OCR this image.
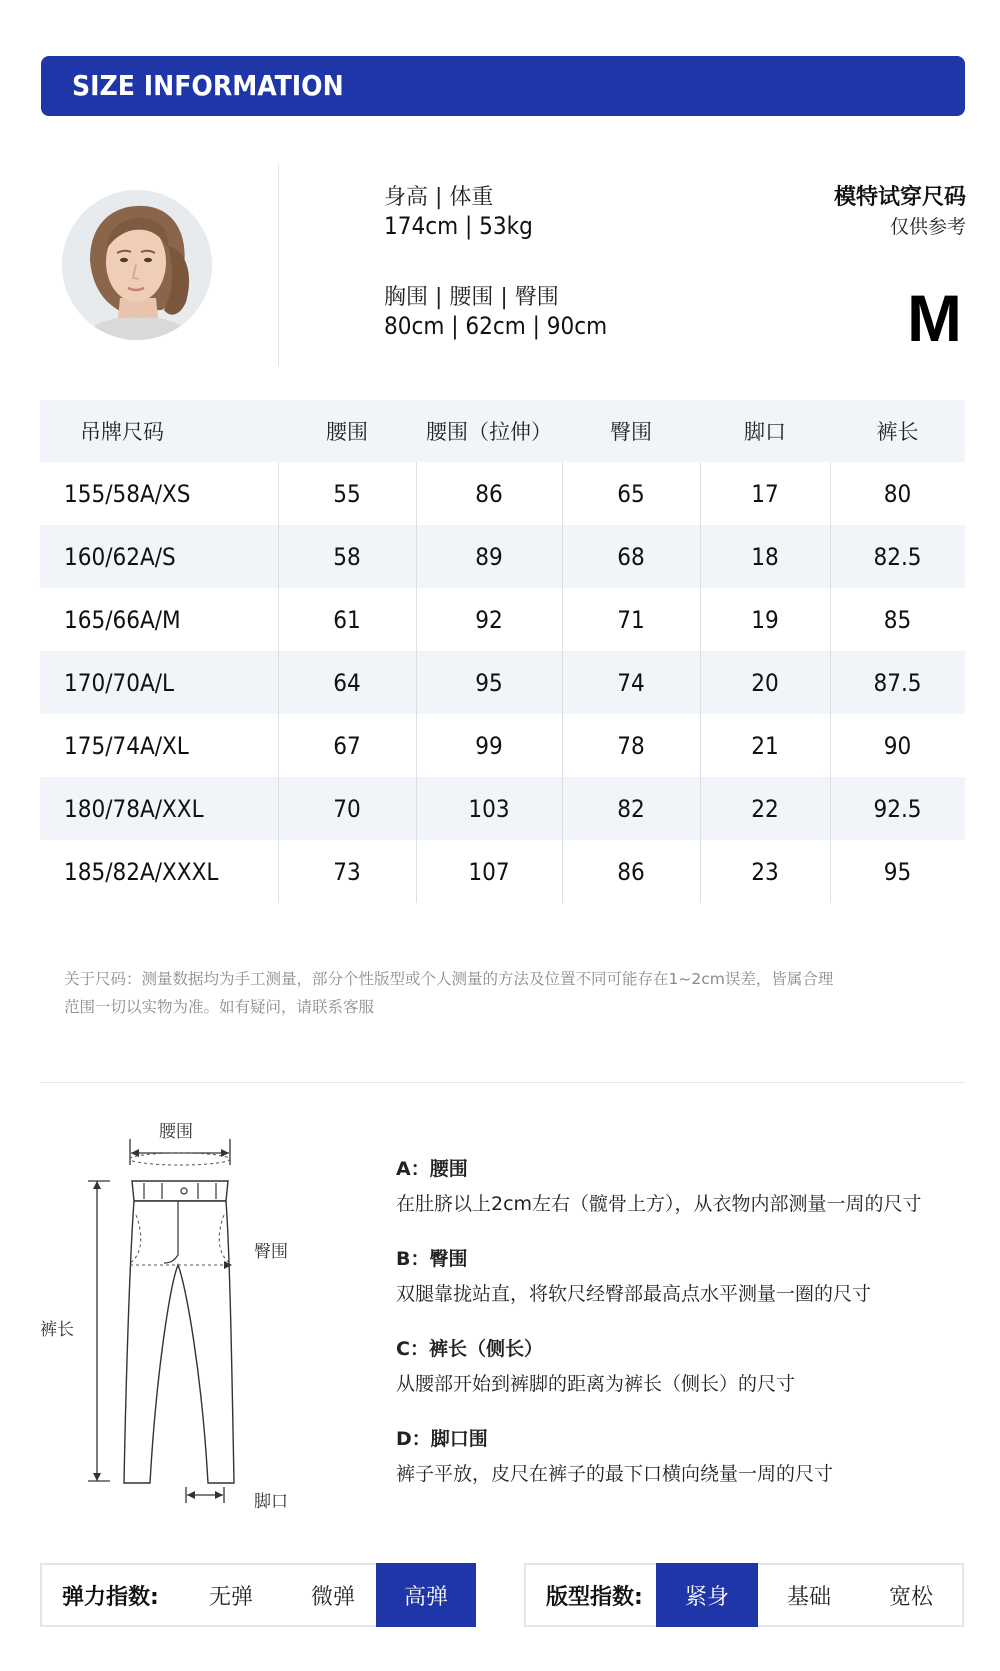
SIZE INFORMATION
身高 | 体重
174cm | 53kg
胸围 | 腰围 | 臀围
80cm | 62cm | 90cm
模特试穿尺码
仅供参考
M
吊牌尺码	腰围	腰围（拉伸）	臀围	脚口	裤长
155/58A/XS	55	86	65	17	80
160/62A/S	58	89	68	18	82.5
165/66A/M	61	92	71	19	85
170/70A/L	64	95	74	20	87.5
175/74A/XL	67	99	78	21	90
180/78A/XXL	70	103	82	22	92.5
185/82A/XXXL	73	107	86	23	95
关于尺码：测量数据均为手工测量，部分个性版型或个人测量的方法及位置不同可能存在1~2cm误差，皆属合理
范围一切以实物为准。如有疑问，请联系客服
腰围
臀围
裤长
脚口
A：腰围
在肚脐以上2cm左右（髋骨上方），从衣物内部测量一周的尺寸
B：臀围
双腿靠拢站直，将软尺经臀部最高点水平测量一圈的尺寸
C：裤长（侧长）
从腰部开始到裤脚的距离为裤长（侧长）的尺寸
D：脚口围
裤子平放，皮尺在裤子的最下口横向绕量一周的尺寸
弹力指数:	无弹	微弹	高弹	版型指数:	紧身	基础	宽松
